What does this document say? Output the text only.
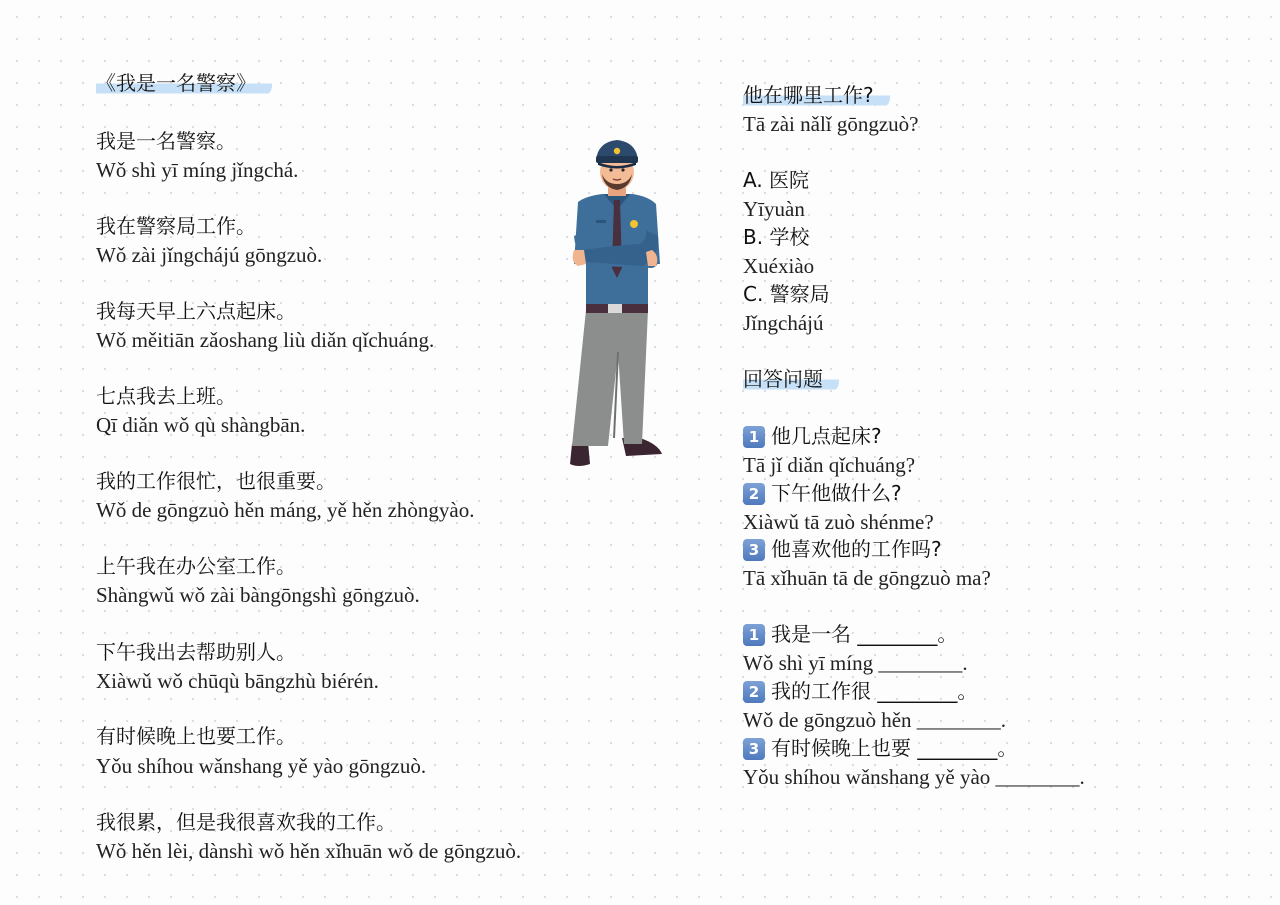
《我是一名警察》
我是一名警察。
Wǒ shì yī míng jǐngchá.
我在警察局工作。
Wǒ zài jǐngchájú gōngzuò.
我每天早上六点起床。
Wǒ měitiān zǎoshang liù diǎn qǐchuáng.
七点我去上班。
Qī diǎn wǒ qù shàngbān.
我的工作很忙，也很重要。
Wǒ de gōngzuò hěn máng, yě hěn zhòngyào.
上午我在办公室工作。
Shàngwǔ wǒ zài bàngōngshì gōngzuò.
下午我出去帮助别人。
Xiàwǔ wǒ chūqù bāngzhù biérén.
有时候晚上也要工作。
Yǒu shíhou wǎnshang yě yào gōngzuò.
我很累，但是我很喜欢我的工作。
Wǒ hěn lèi, dànshì wǒ hěn xǐhuān wǒ de gōngzuò.
他在哪里工作?
Tā zài nǎlǐ gōngzuò?
A. 医院
Yīyuàn
B. 学校
Xuéxiào
C. 警察局
Jǐngchájú
回答问题
1 他几点起床?
Tā jǐ diǎn qǐchuáng?
2 下午他做什么?
Xiàwǔ tā zuò shénme?
3 他喜欢他的工作吗?
Tā xǐhuān tā de gōngzuò ma?
1 我是一名 ________。
Wǒ shì yī míng ________.
2 我的工作很 ________。
Wǒ de gōngzuò hěn ________.
3 有时候晚上也要 ________。
Yǒu shíhou wǎnshang yě yào ________.
